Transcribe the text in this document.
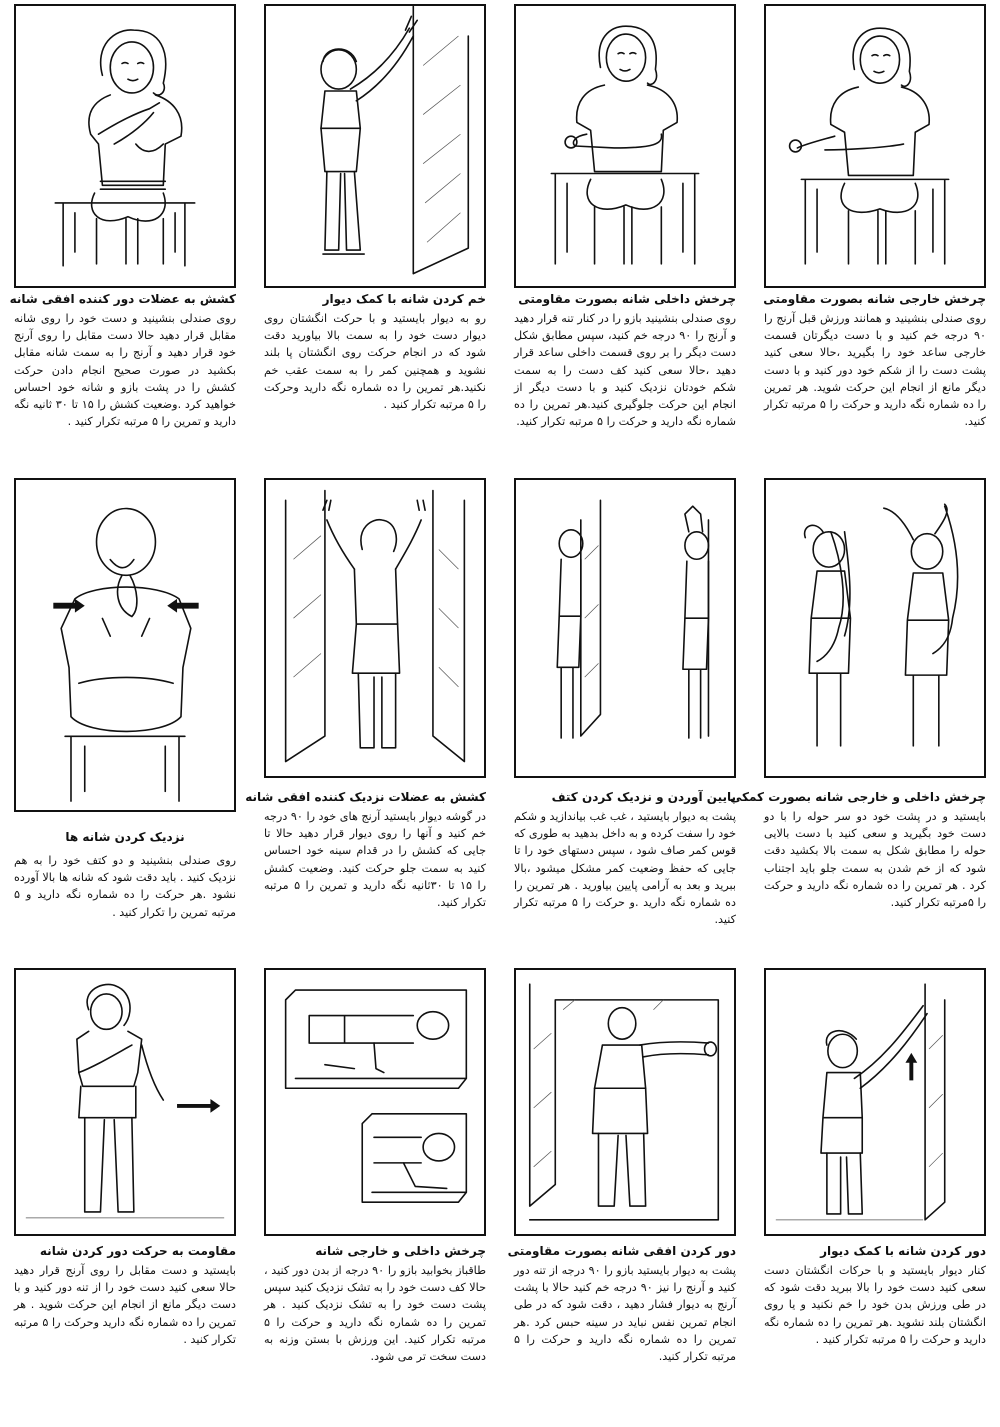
کشش به عضلات دور کننده افقی شانه
روی صندلی بنشینید و دست خود را روی شانه مقابل قرار دهید حالا دست مقابل را روی آرنج خود قرار دهید و آرنج را به سمت شانه مقابل بکشید در صورت صحیح انجام دادن حرکت کشش را در پشت بازو و شانه خود احساس خواهید کرد .وضعیت کشش را ۱۵ تا ۳۰ ثانیه نگه دارید و تمرین را ۵ مرتبه تکرار کنید .
خم کردن شانه با کمک دیوار
رو به دیوار بایستید و با حرکت انگشتان روی دیوار دست خود را به سمت بالا بیاورید دقت شود که در انجام حرکت روی انگشتان پا بلند نشوید و همچنین کمر را به سمت عقب خم نکنید.هر تمرین را ده شماره نگه دارید وحرکت را ۵ مرتبه تکرار کنید .
چرخش داخلی شانه بصورت مقاومتی
روی صندلی بنشینید بازو را در کنار تنه قرار دهید و آرنج را ۹۰ درجه خم کنید، سپس مطابق شکل دست دیگر را بر روی قسمت داخلی ساعد قرار دهید ،حالا سعی کنید کف دست را به سمت شکم خودتان نزدیک کنید و با دست دیگر از انجام این حرکت جلوگیری کنید.هر تمرین را ده شماره نگه دارید و حرکت را ۵ مرتبه تکرار کنید.
چرخش خارجی شانه بصورت مقاومتی
روی صندلی بنشینید و همانند ورزش قبل آرنج را ۹۰ درجه خم کنید و با دست دیگرتان قسمت خارجی ساعد خود را بگیرید ،حالا سعی کنید پشت دست را از شکم خود دور کنید و با دست دیگر مانع از انجام این حرکت شوید. هر تمرین را ده شماره نگه دارید و حرکت را ۵ مرتبه تکرار کنید.
نزدیک کردن شانه ها
روی صندلی بنشینید و دو کتف خود را به هم نزدیک کنید . باید دقت شود که شانه ها بالا آورده نشود .هر حرکت را ده شماره نگه دارید و ۵ مرتبه تمرین را تکرار کنید .
کشش به عضلات نزدیک کننده افقی شانه
در گوشه دیوار بایستید آرنج های خود را ۹۰ درجه خم کنید و آنها را روی دیوار قرار دهید حالا تا جایی که کشش را در قدام سینه خود احساس کنید به سمت جلو حرکت کنید. وضعیت کشش را ۱۵ تا ۳۰ثانیه نگه دارید و تمرین را ۵ مرتبه تکرار کنید.
پایین آوردن و نزدیک کردن کتف
پشت به دیوار بایستید ، غب غب بیاندازید و شکم خود را سفت کرده و به داخل بدهید به طوری که قوس کمر صاف شود ، سپس دستهای خود را تا جایی که حفظ وضعیت کمر مشکل میشود ،بالا ببرید و بعد به آرامی پایین بیاورید . هر تمرین را ده شماره نگه دارید .و حرکت را ۵ مرتبه تکرار کنید.
چرخش داخلی و خارجی شانه بصورت کمکی
بایستید و در پشت خود دو سر حوله را با دو دست خود بگیرید و سعی کنید با دست بالایی حوله را مطابق شکل به سمت بالا بکشید دقت شود که از خم شدن به سمت جلو باید اجتناب کرد . هر تمرین را ده شماره نگه دارید و حرکت را ۵مرتبه تکرار کنید.
مقاومت به حرکت دور کردن شانه
بایستید و دست مقابل را روی آرنج قرار دهید حالا سعی کنید دست خود را از تنه دور کنید و با دست دیگر مانع از انجام این حرکت شوید . هر تمرین را ده شماره نگه دارید وحرکت را ۵ مرتبه تکرار کنید .
چرخش داخلی و خارجی شانه
طاقباز بخوابید بازو را ۹۰ درجه از بدن دور کنید ، حالا کف دست خود را به تشک نزدیک کنید سپس پشت دست خود را به تشک نزدیک کنید . هر تمرین را ده شماره نگه دارید و حرکت را ۵ مرتبه تکرار کنید. این ورزش با بستن وزنه به دست سخت تر می شود.
دور کردن افقی شانه بصورت مقاومتی
پشت به دیوار بایستید بازو را ۹۰ درجه از تنه دور کنید و آرنج را نیز ۹۰ درجه خم کنید حالا با پشت آرنج به دیوار فشار دهید ، دقت شود که در طی انجام تمرین نفس نباید در سینه حبس کرد .هر تمرین را ده شماره نگه دارید و حرکت را ۵ مرتبه تکرار کنید.
دور کردن شانه با کمک دیوار
کنار دیوار بایستید و با حرکات انگشتان دست سعی کنید دست خود را بالا ببرید دقت شود که در طی ورزش بدن خود را خم نکنید و یا روی انگشتان بلند نشوید .هر تمرین را ده شماره نگه دارید و حرکت را ۵ مرتبه تکرار کنید .
